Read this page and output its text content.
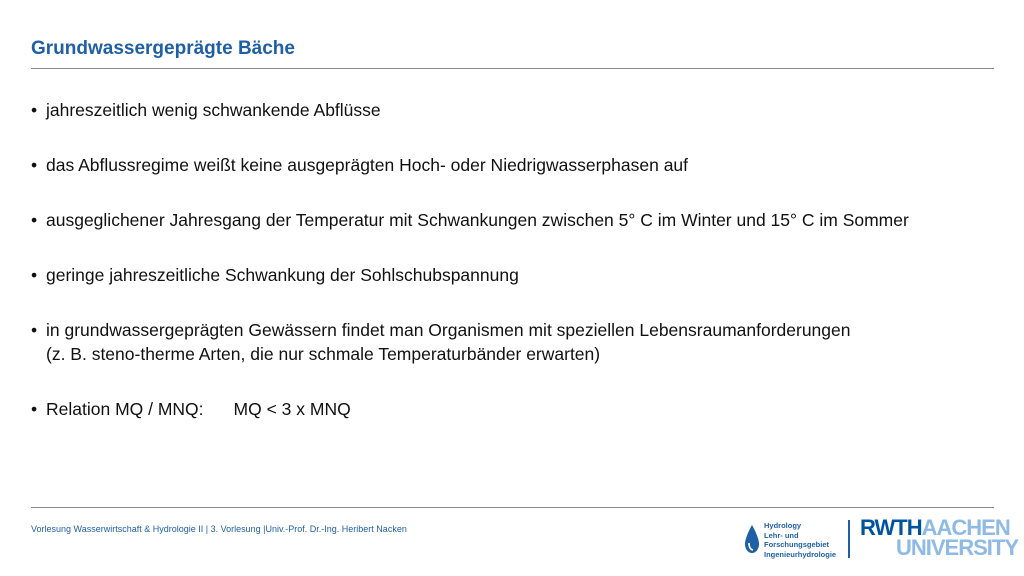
Grundwassergeprägte Bäche
• jahreszeitlich wenig schwankende Abflüsse
• das Abflussregime weißt keine ausgeprägten Hoch- oder Niedrigwasserphasen auf
• ausgeglichener Jahresgang der Temperatur mit Schwankungen zwischen 5° C im Winter und 15° C im Sommer
• geringe jahreszeitliche Schwankung der Sohlschubspannung
• in grundwassergeprägten Gewässern findet man Organismen mit speziellen Lebensraumanforderungen
(z. B. steno-therme Arten, die nur schmale Temperaturbänder erwarten)
• Relation MQ / MNQ: MQ < 3 x MNQ
Vorlesung Wasserwirtschaft & Hydrologie II | 3. Vorlesung |Univ.-Prof. Dr.-Ing. Heribert Nacken	Hydrology
Lehr- und
Forschungsgebiet
Ingenieurhydrologie
RWTHAACHEN
UNIVERSITY
